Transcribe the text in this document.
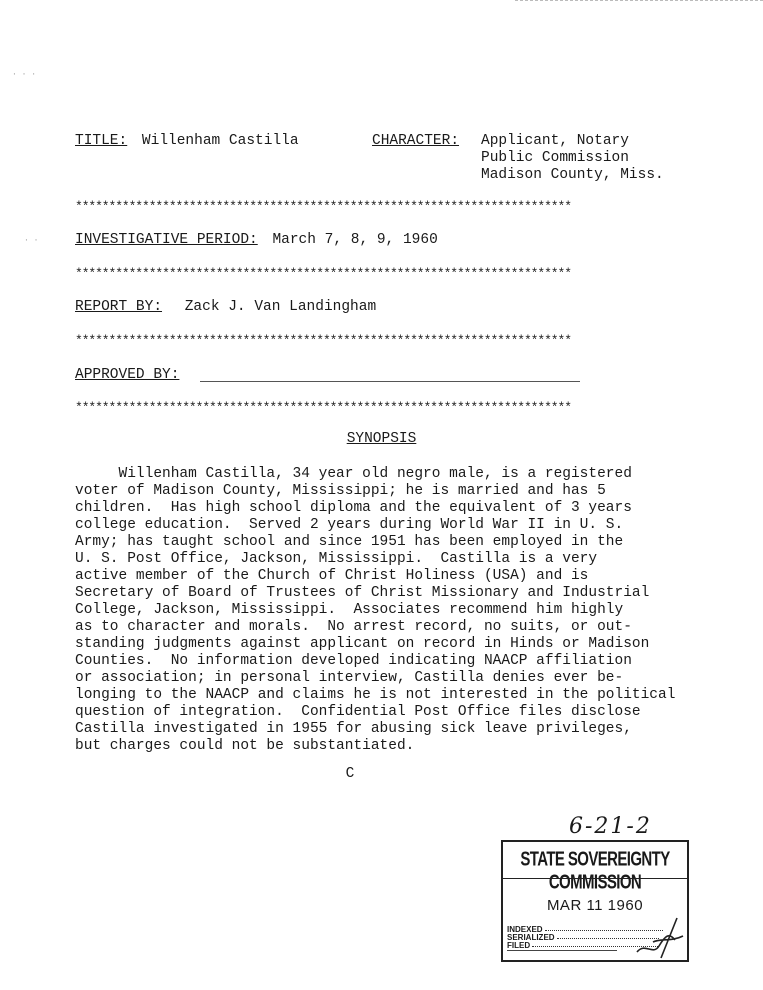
· · ·
· ·
TITLE: Willenham Castilla	CHARACTER: Applicant, Notary
Public Commission
Madison County, Miss.
**************************************************************************
INVESTIGATIVE PERIOD: March 7, 8, 9, 1960
**************************************************************************
REPORT BY: Zack J. Van Landingham
**************************************************************************
APPROVED BY:
**************************************************************************
SYNOPSIS
Willenham Castilla, 34 year old negro male, is a registered
voter of Madison County, Mississippi; he is married and has 5
children.  Has high school diploma and the equivalent of 3 years
college education.  Served 2 years during World War II in U. S.
Army; has taught school and since 1951 has been employed in the
U. S. Post Office, Jackson, Mississippi.  Castilla is a very
active member of the Church of Christ Holiness (USA) and is
Secretary of Board of Trustees of Christ Missionary and Industrial
College, Jackson, Mississippi.  Associates recommend him highly
as to character and morals.  No arrest record, no suits, or out-
standing judgments against applicant on record in Hinds or Madison
Counties.  No information developed indicating NAACP affiliation
or association; in personal interview, Castilla denies ever be-
longing to the NAACP and claims he is not interested in the political
question of integration.  Confidential Post Office files disclose
Castilla investigated in 1955 for abusing sick leave privileges,
but charges could not be substantiated.
C
6-21-2
STATE SOVEREIGNTY COMMISSION
MAR 11 1960
INDEXED
SERIALIZED
FILED
